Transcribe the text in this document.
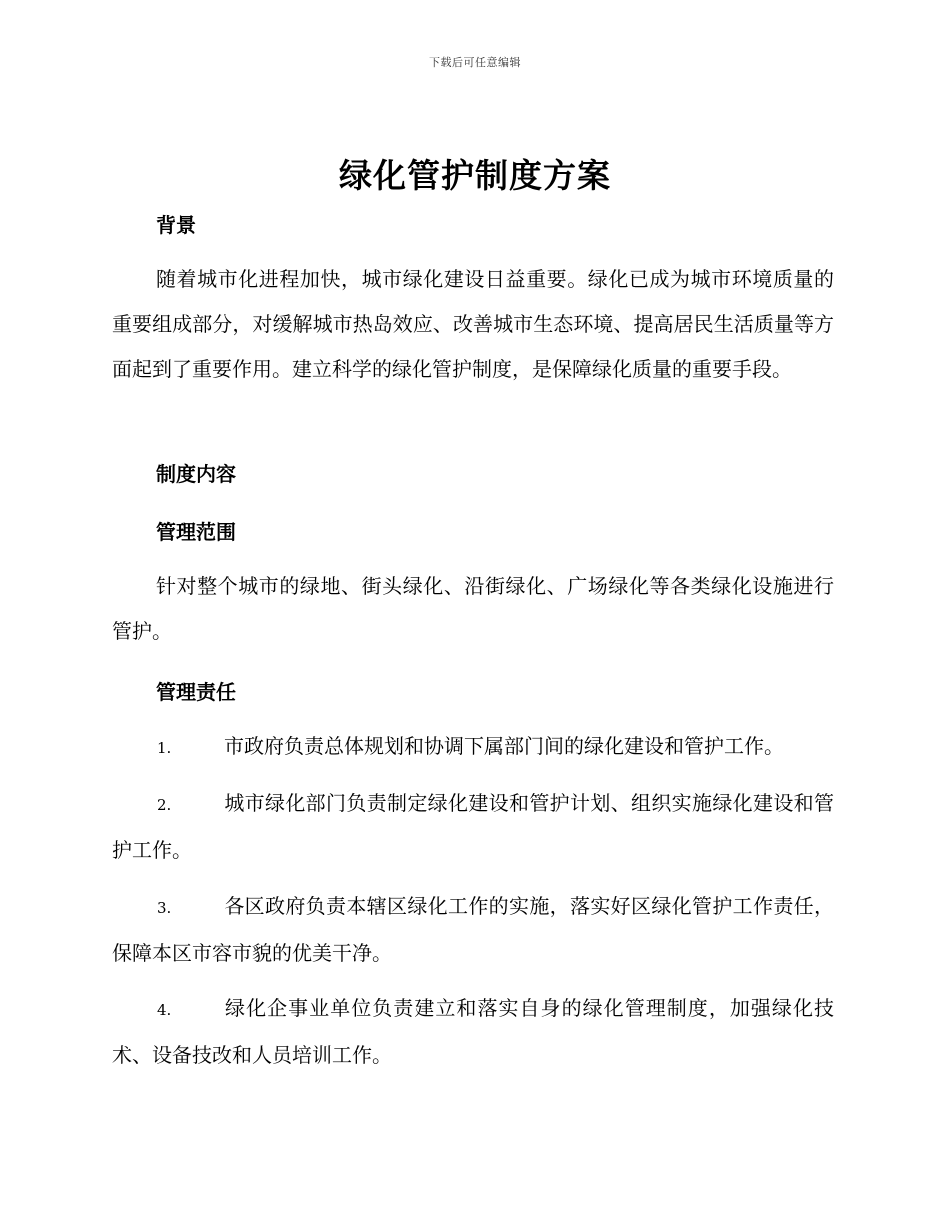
下载后可任意编辑
绿化管护制度方案
背景

随着城市化进程加快，城市绿化建设日益重要。绿化已成为城市环境质量的重要组成部分，对缓解城市热岛效应、改善城市生态环境、提高居民生活质量等方面起到了重要作用。建立科学的绿化管护制度，是保障绿化质量的重要手段。

制度内容
管理范围

针对整个城市的绿地、街头绿化、沿街绿化、广场绿化等各类绿化设施进行管护。

管理责任

1.	市政府负责总体规划和协调下属部门间的绿化建设和管护工作。

2.	城市绿化部门负责制定绿化建设和管护计划、组织实施绿化建设和管护工作。

3.	各区政府负责本辖区绿化工作的实施，落实好区绿化管护工作责任，保障本区市容市貌的优美干净。

4.	绿化企事业单位负责建立和落实自身的绿化管理制度，加强绿化技术、设备技改和人员培训工作。
